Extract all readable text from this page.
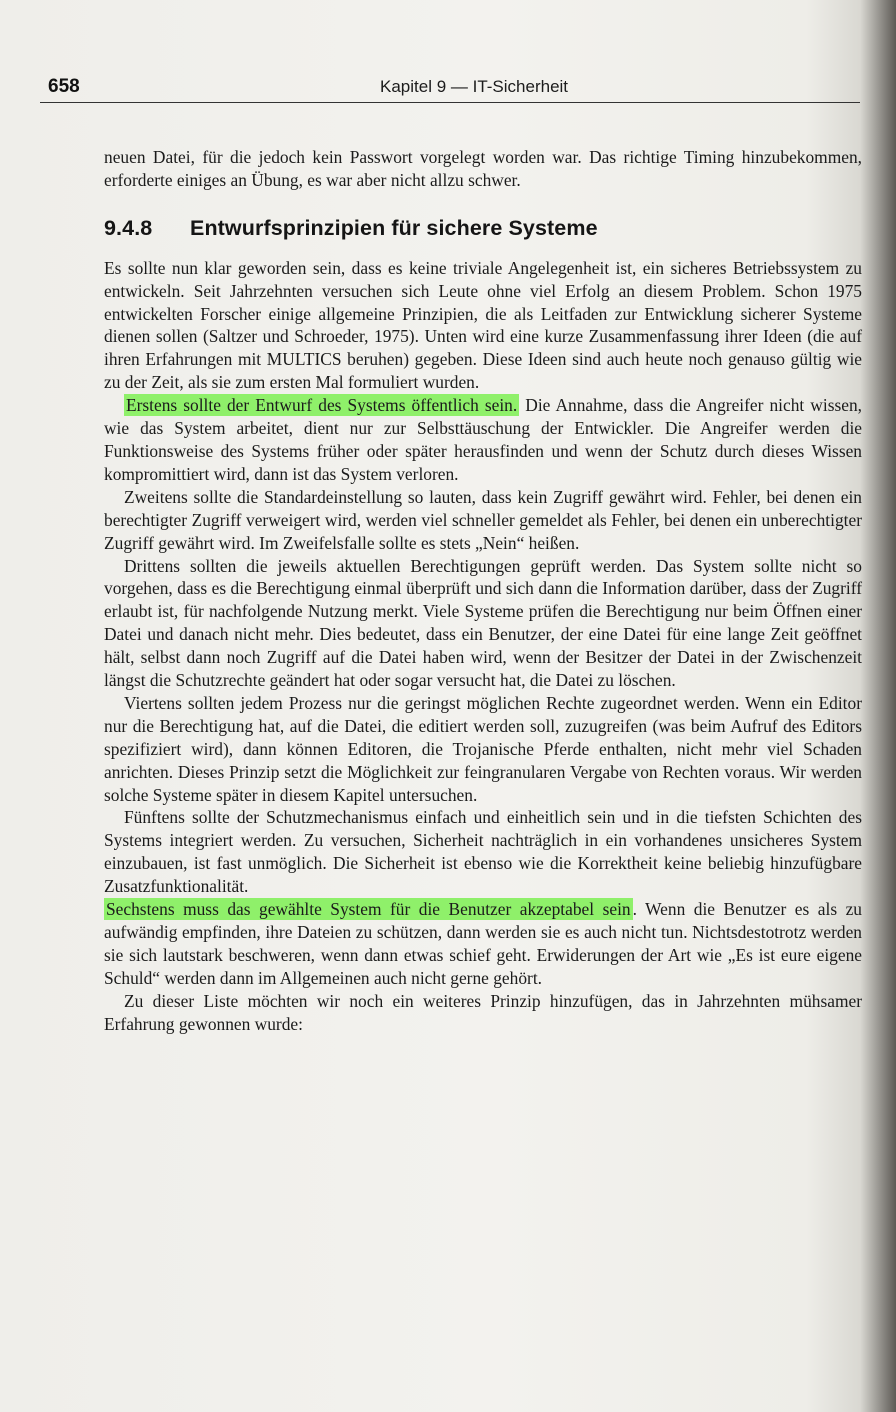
658	Kapitel 9 — IT-Sicherheit

neuen Datei, für die jedoch kein Passwort vorgelegt worden war. Das richtige Timing hinzubekommen, erforderte einiges an Übung, es war aber nicht allzu schwer.

9.4.8 Entwurfsprinzipien für sichere Systeme

Es sollte nun klar geworden sein, dass es keine triviale Angelegenheit ist, ein sicheres Betriebssystem zu entwickeln. Seit Jahrzehnten versuchen sich Leute ohne viel Erfolg an diesem Problem. Schon 1975 entwickelten Forscher einige allgemeine Prinzipien, die als Leitfaden zur Entwicklung sicherer Systeme dienen sollen (Saltzer und Schroeder, 1975). Unten wird eine kurze Zusammenfassung ihrer Ideen (die auf ihren Erfahrungen mit MULTICS beruhen) gegeben. Diese Ideen sind auch heute noch genauso gültig wie zu der Zeit, als sie zum ersten Mal formuliert wurden.

Erstens sollte der Entwurf des Systems öffentlich sein. Die Annahme, dass die Angreifer nicht wissen, wie das System arbeitet, dient nur zur Selbsttäuschung der Entwickler. Die Angreifer werden die Funktionsweise des Systems früher oder später herausfinden und wenn der Schutz durch dieses Wissen kompromittiert wird, dann ist das System verloren.

Zweitens sollte die Standardeinstellung so lauten, dass kein Zugriff gewährt wird. Fehler, bei denen ein berechtigter Zugriff verweigert wird, werden viel schneller gemeldet als Fehler, bei denen ein unberechtigter Zugriff gewährt wird. Im Zweifelsfalle sollte es stets „Nein“ heißen.

Drittens sollten die jeweils aktuellen Berechtigungen geprüft werden. Das System sollte nicht so vorgehen, dass es die Berechtigung einmal überprüft und sich dann die Information darüber, dass der Zugriff erlaubt ist, für nachfolgende Nutzung merkt. Viele Systeme prüfen die Berechtigung nur beim Öffnen einer Datei und danach nicht mehr. Dies bedeutet, dass ein Benutzer, der eine Datei für eine lange Zeit geöffnet hält, selbst dann noch Zugriff auf die Datei haben wird, wenn der Besitzer der Datei in der Zwischenzeit längst die Schutzrechte geändert hat oder sogar versucht hat, die Datei zu löschen.

Viertens sollten jedem Prozess nur die geringst möglichen Rechte zugeordnet werden. Wenn ein Editor nur die Berechtigung hat, auf die Datei, die editiert werden soll, zuzugreifen (was beim Aufruf des Editors spezifiziert wird), dann können Editoren, die Trojanische Pferde enthalten, nicht mehr viel Schaden anrichten. Dieses Prinzip setzt die Möglichkeit zur feingranularen Vergabe von Rechten voraus. Wir werden solche Systeme später in diesem Kapitel untersuchen.

Fünftens sollte der Schutzmechanismus einfach und einheitlich sein und in die tiefsten Schichten des Systems integriert werden. Zu versuchen, Sicherheit nachträglich in ein vorhandenes unsicheres System einzubauen, ist fast unmöglich. Die Sicherheit ist ebenso wie die Korrektheit keine beliebig hinzufügbare Zusatzfunktionalität.

Sechstens muss das gewählte System für die Benutzer akzeptabel sein . Wenn die Benutzer es als zu aufwändig empfinden, ihre Dateien zu schützen, dann werden sie es auch nicht tun. Nichtsdestotrotz werden sie sich lautstark beschweren, wenn dann etwas schief geht. Erwiderungen der Art wie „Es ist eure eigene Schuld“ werden dann im Allgemeinen auch nicht gerne gehört.

Zu dieser Liste möchten wir noch ein weiteres Prinzip hinzufügen, das in Jahrzehnten mühsamer Erfahrung gewonnen wurde:
